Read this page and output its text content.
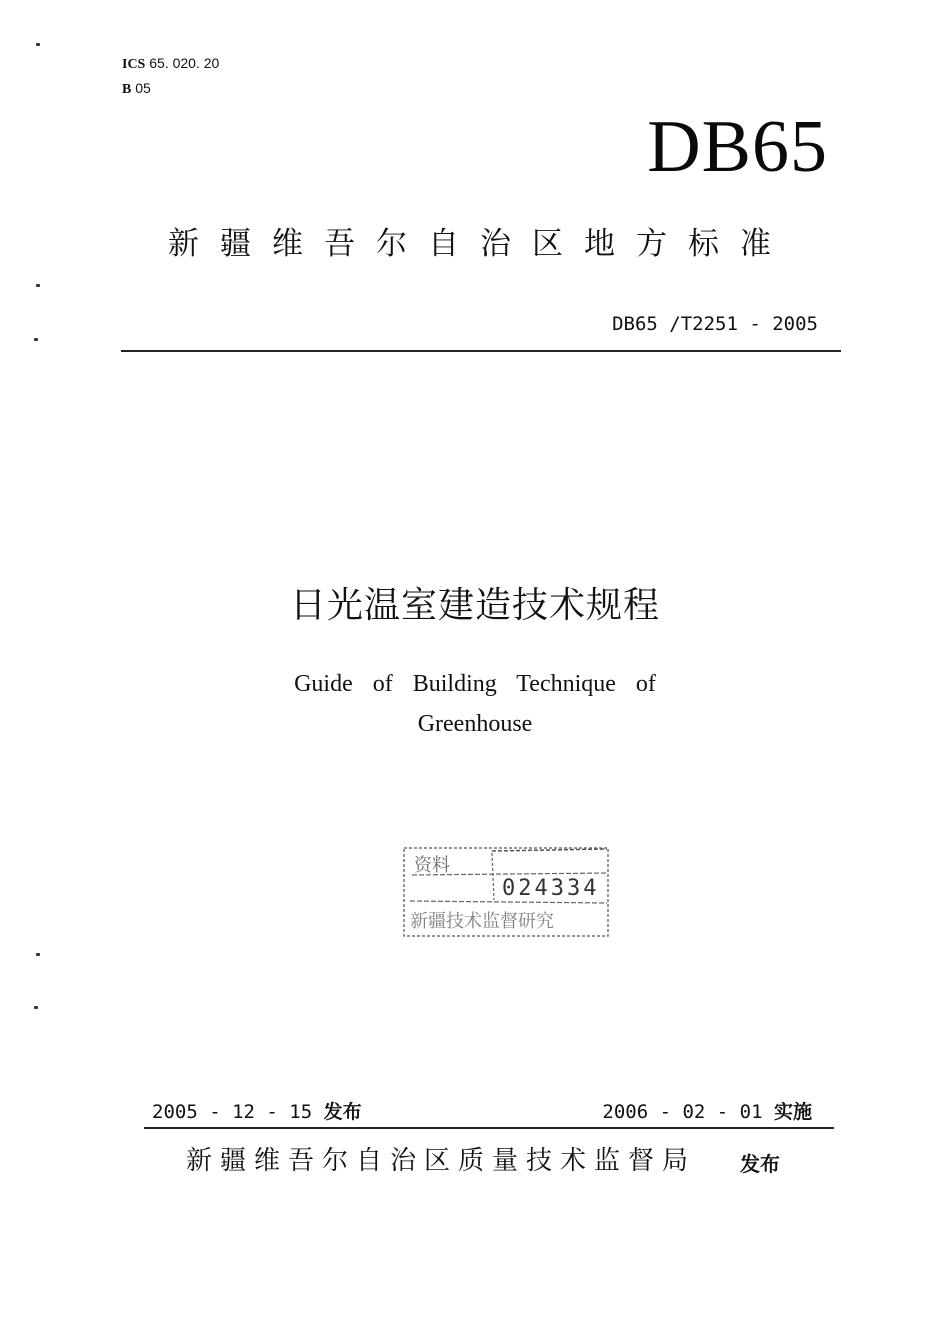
ICS 65. 020. 20
B 05
DB65
新疆维吾尔自治区地方标准
DB65 /T2251 - 2005
日光温室建造技术规程
Guide of Building Technique of
Greenhouse
资料
024334
新疆技术监督研究
2005 - 12 - 15 发布	2006 - 02 - 01 实施
新疆维吾尔自治区质量技术监督局 发布
